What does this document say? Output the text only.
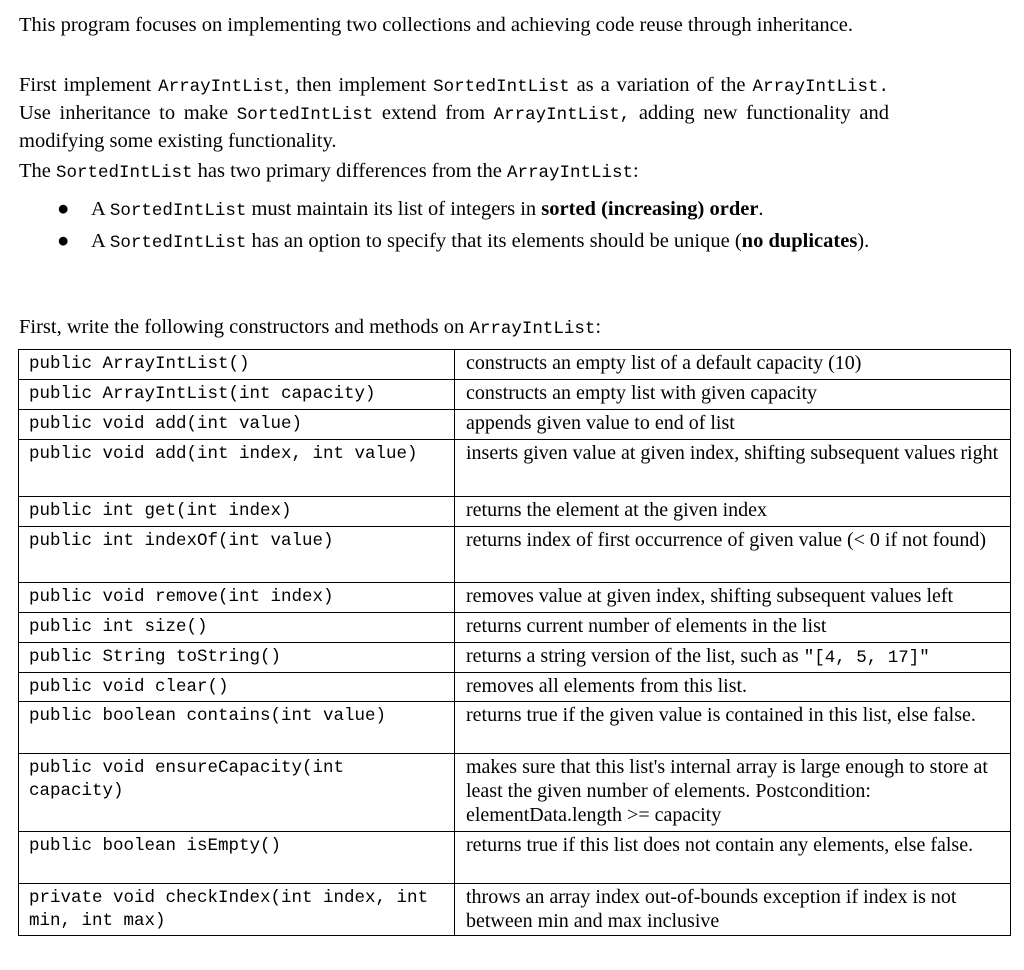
This program focuses on implementing two collections and achieving code reuse through inheritance.

First implement ArrayIntList, then implement SortedIntList as a variation of the ArrayIntList. Use inheritance to make SortedIntList extend from ArrayIntList, adding new functionality and modifying some existing functionality.

The SortedIntList has two primary differences from the ArrayIntList:

● A SortedIntList must maintain its list of integers in sorted (increasing) order.
● A SortedIntList has an option to specify that its elements should be unique (no duplicates).

First, write the following constructors and methods on ArrayIntList:

public ArrayIntList()	constructs an empty list of a default capacity (10)
public ArrayIntList(int capacity)	constructs an empty list with given capacity
public void add(int value)	appends given value to end of list
public void add(int index, int value)	inserts given value at given index, shifting subsequent values right
public int get(int index)	returns the element at the given index
public int indexOf(int value)	returns index of first occurrence of given value (< 0 if not found)
public void remove(int index)	removes value at given index, shifting subsequent values left
public int size()	returns current number of elements in the list
public String toString()	returns a string version of the list, such as "[4, 5, 17]"
public void clear()	removes all elements from this list.
public boolean contains(int value)	returns true if the given value is contained in this list, else false.
public void ensureCapacity(int capacity)	makes sure that this list's internal array is large enough to store at least the given number of elements. Postcondition: elementData.length >= capacity
public boolean isEmpty()	returns true if this list does not contain any elements, else false.
private void checkIndex(int index, int min, int max)	throws an array index out-of-bounds exception if index is not between min and max inclusive
